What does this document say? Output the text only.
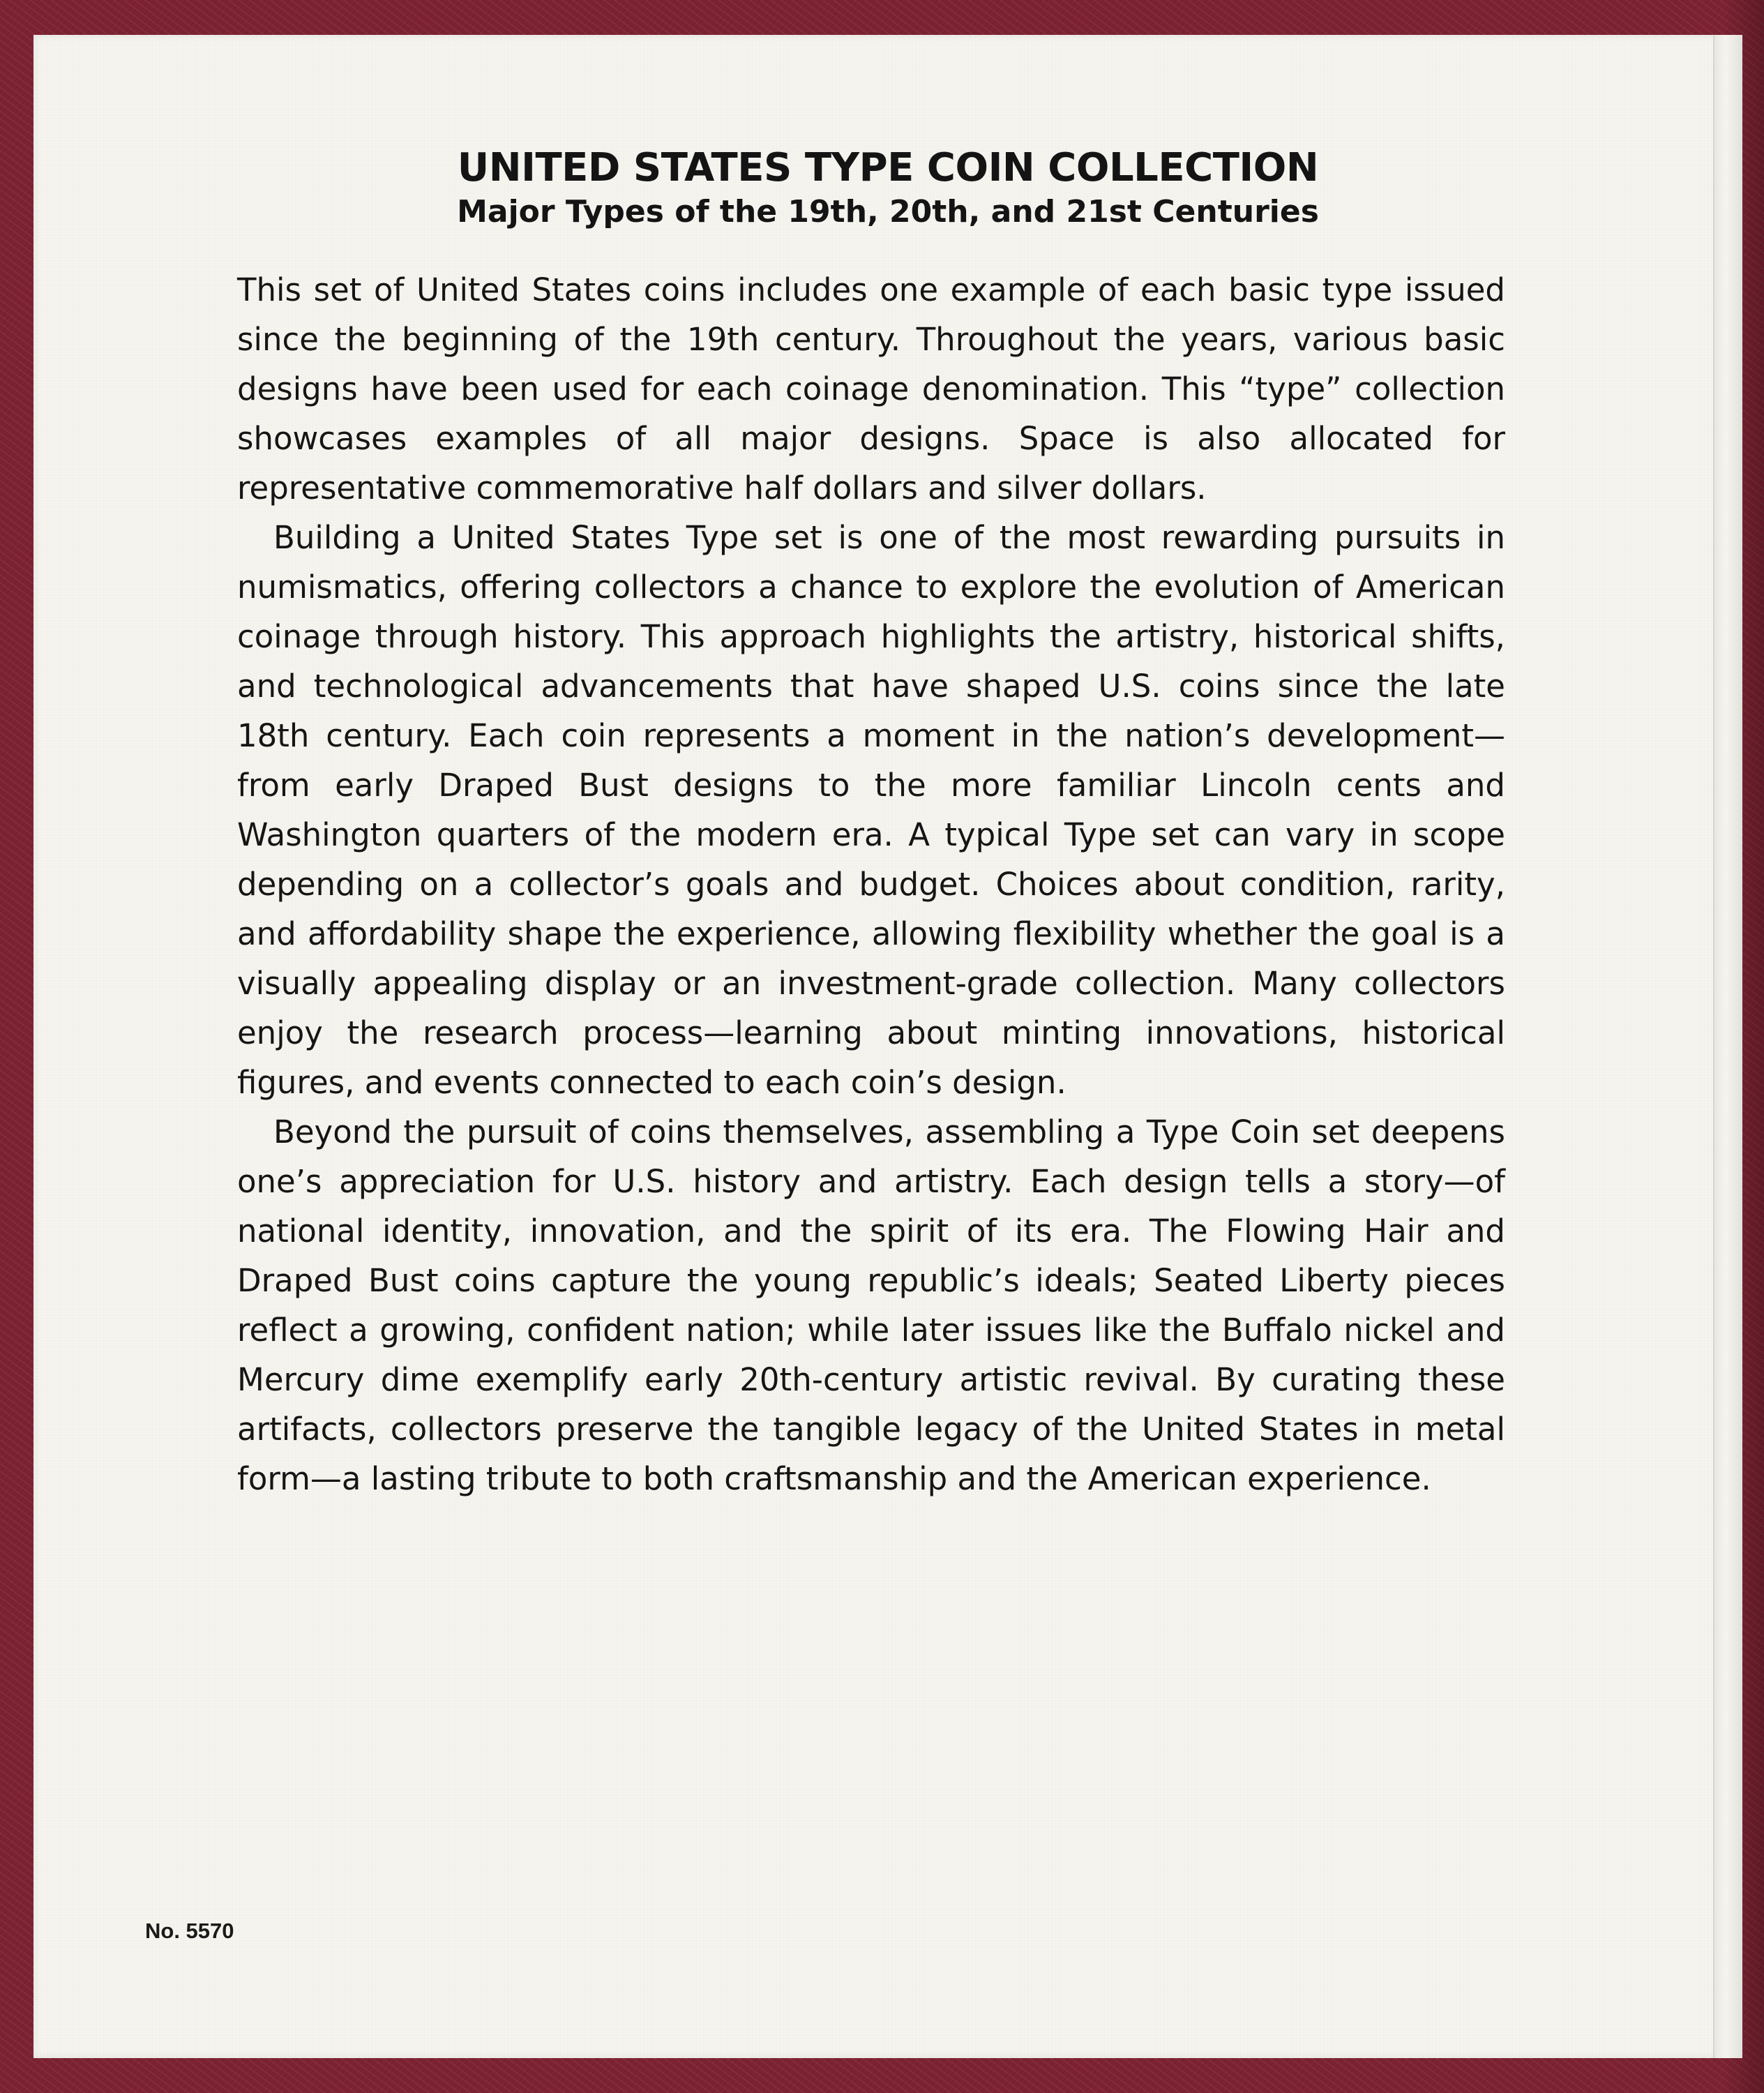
UNITED STATES TYPE COIN COLLECTION
Major Types of the 19th, 20th, and 21st Centuries

This set of United States coins includes one example of each basic type issued since the beginning of the 19th century. Throughout the years, various basic designs have been used for each coinage denomination. This “type” collection showcases examples of all major designs. Space is also allocated for representative commemorative half dollars and silver dollars.

Building a United States Type set is one of the most rewarding pursuits in numismatics, offering collectors a chance to explore the evolution of American coinage through history. This approach highlights the artistry, historical shifts, and technological advancements that have shaped U.S. coins since the late 18th century. Each coin represents a moment in the nation’s development—from early Draped Bust designs to the more familiar Lincoln cents and Washington quarters of the modern era. A typical Type set can vary in scope depending on a collector’s goals and budget. Choices about condition, rarity, and affordability shape the experience, allowing flexibility whether the goal is a visually appealing display or an investment-grade collection. Many collectors enjoy the research process—learning about minting innovations, historical figures, and events connected to each coin’s design.

Beyond the pursuit of coins themselves, assembling a Type Coin set deepens one’s appreciation for U.S. history and artistry. Each design tells a story—of national identity, innovation, and the spirit of its era. The Flowing Hair and Draped Bust coins capture the young republic’s ideals; Seated Liberty pieces reflect a growing, confident nation; while later issues like the Buffalo nickel and Mercury dime exemplify early 20th-century artistic revival. By curating these artifacts, collectors preserve the tangible legacy of the United States in metal form—a lasting tribute to both craftsmanship and the American experience.

No. 5570
